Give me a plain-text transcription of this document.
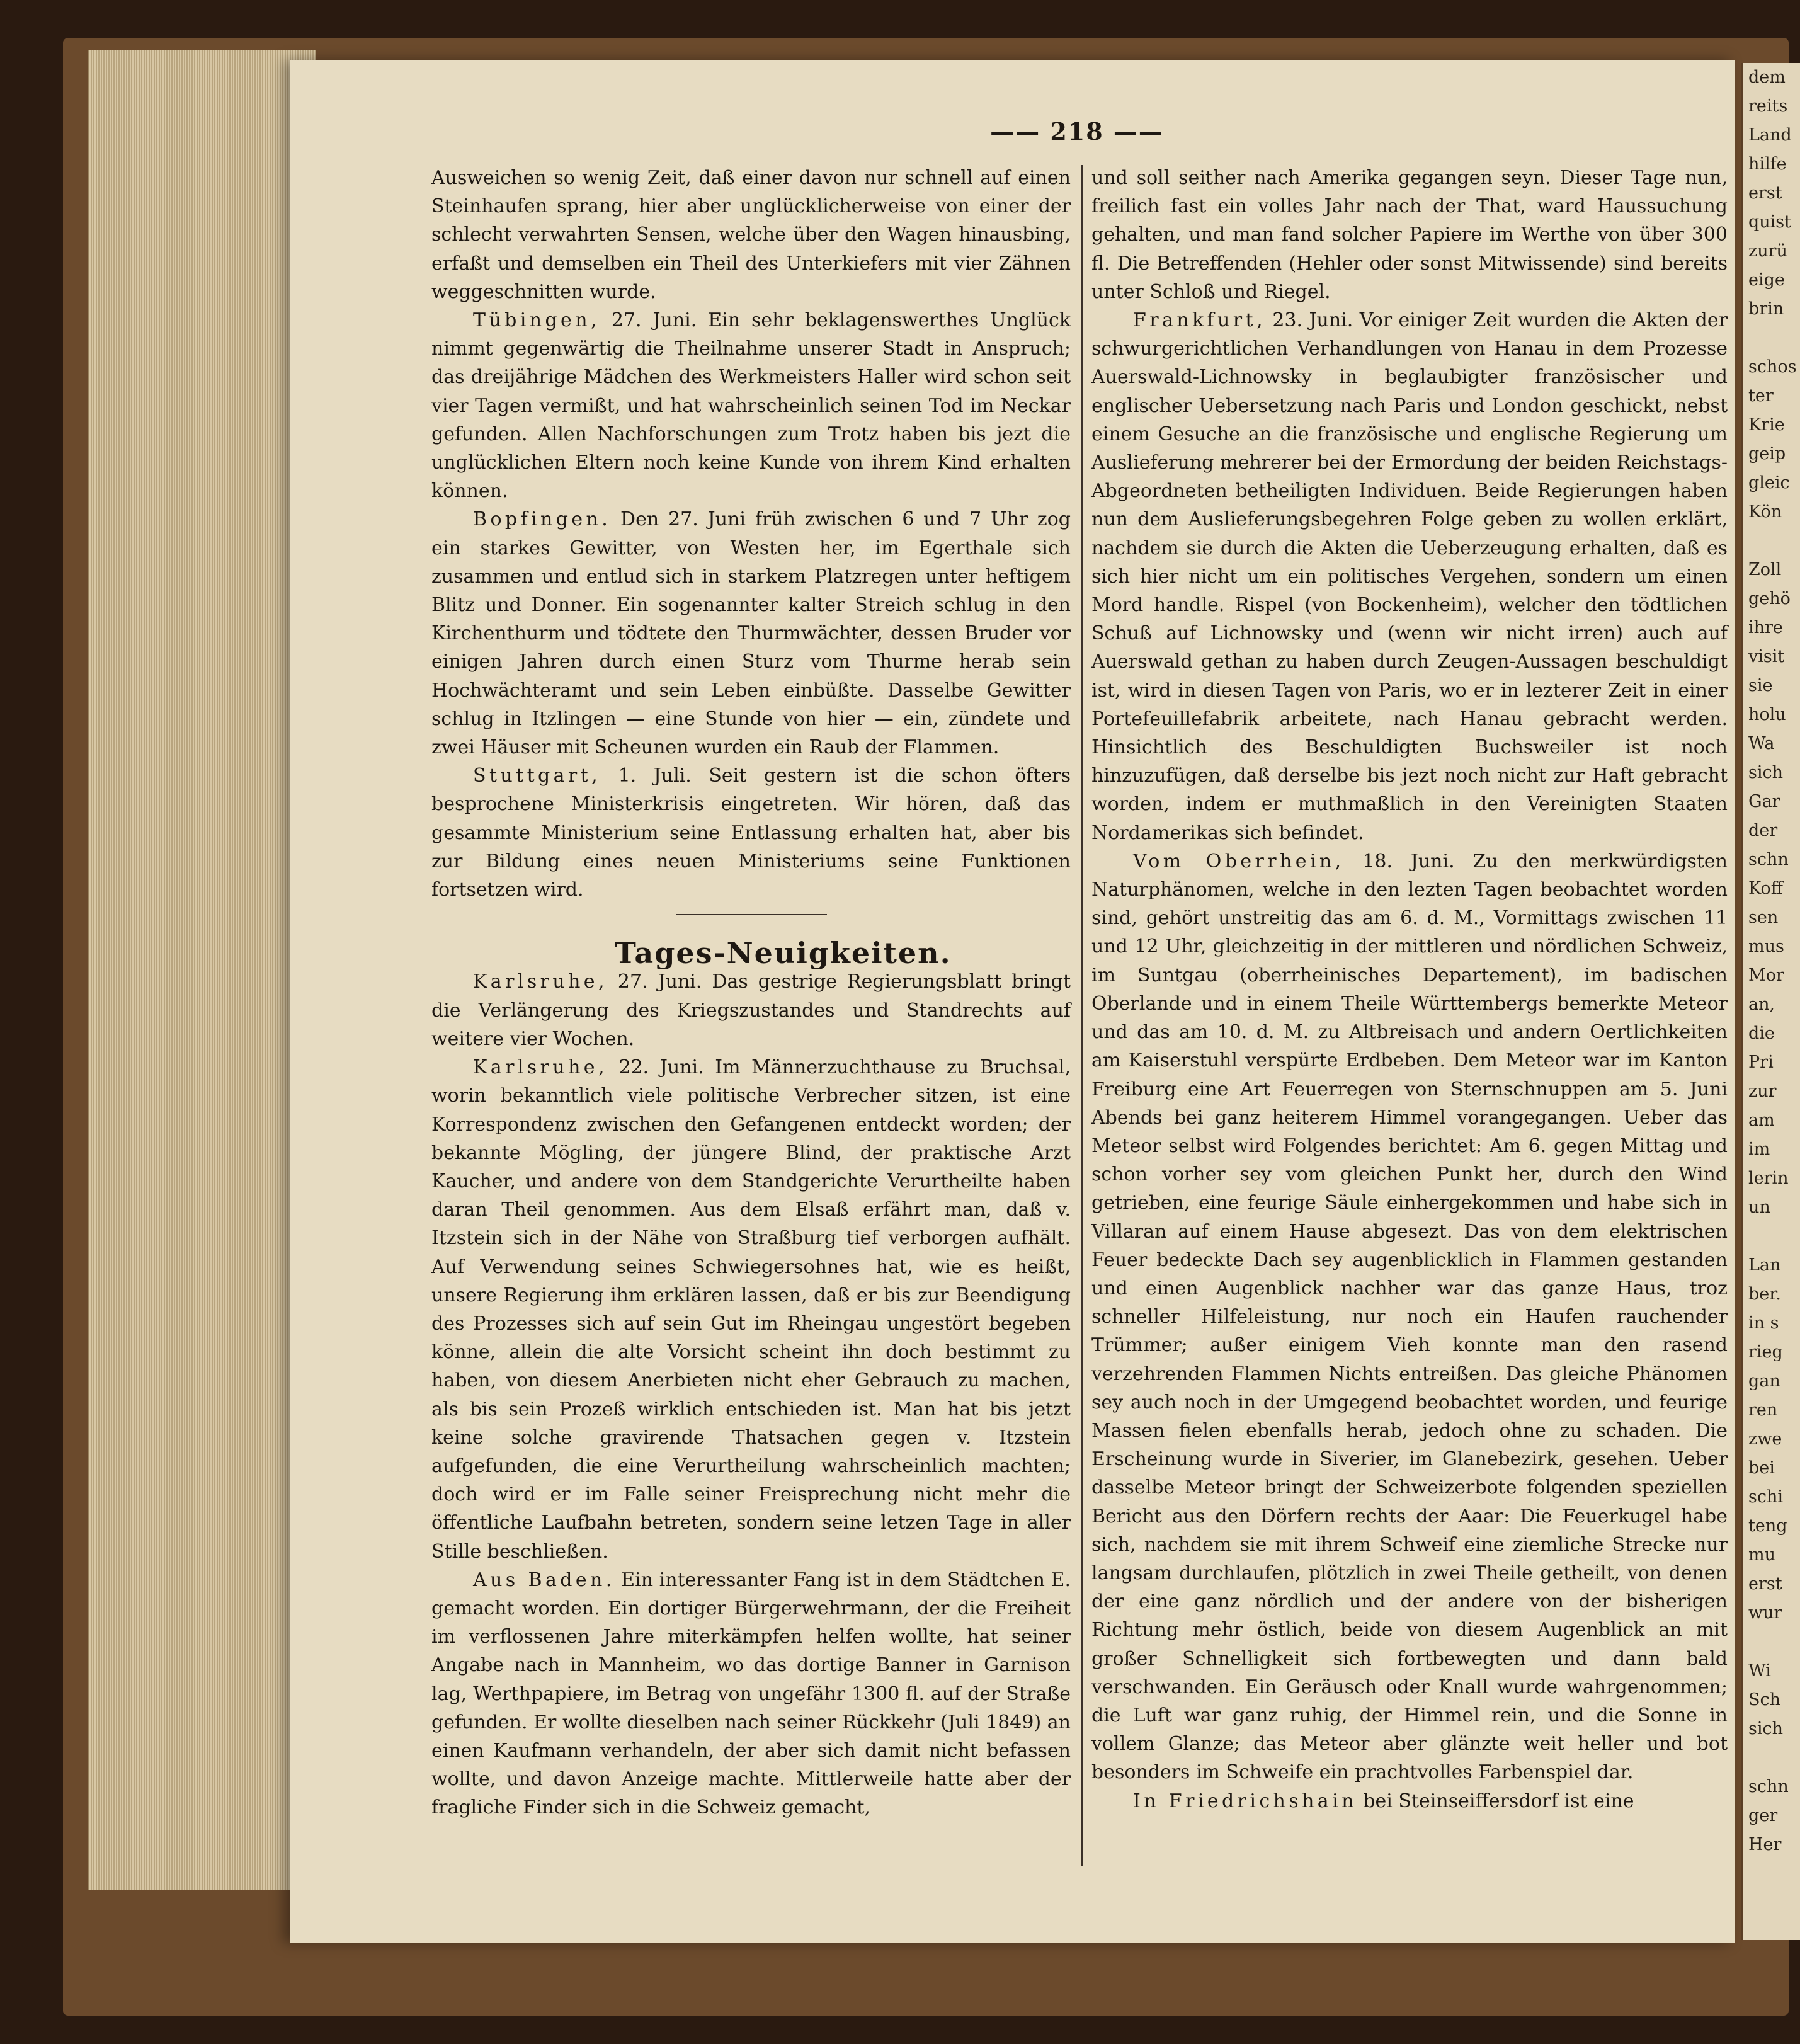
—— 218 ——

Ausweichen so wenig Zeit, daß einer davon nur schnell auf einen Steinhaufen sprang, hier aber unglücklicherweise von einer der schlecht verwahrten Sensen, welche über den Wagen hinausbing, erfaßt und demselben ein Theil des Unterkiefers mit vier Zähnen weggeschnitten wurde.

Tübingen, 27. Juni. Ein sehr beklagenswerthes Unglück nimmt gegenwärtig die Theilnahme unserer Stadt in Anspruch; das dreijährige Mädchen des Werkmeisters Haller wird schon seit vier Tagen vermißt, und hat wahrscheinlich seinen Tod im Neckar gefunden. Allen Nachforschungen zum Trotz haben bis jezt die unglücklichen Eltern noch keine Kunde von ihrem Kind erhalten können.

Bopfingen. Den 27. Juni früh zwischen 6 und 7 Uhr zog ein starkes Gewitter, von Westen her, im Egerthale sich zusammen und entlud sich in starkem Platzregen unter heftigem Blitz und Donner. Ein sogenannter kalter Streich schlug in den Kirchenthurm und tödtete den Thurmwächter, dessen Bruder vor einigen Jahren durch einen Sturz vom Thurme herab sein Hochwächteramt und sein Leben einbüßte. Dasselbe Gewitter schlug in Itzlingen — eine Stunde von hier — ein, zündete und zwei Häuser mit Scheunen wurden ein Raub der Flammen.

Stuttgart, 1. Juli. Seit gestern ist die schon öfters besprochene Ministerkrisis eingetreten. Wir hören, daß das gesammte Ministerium seine Entlassung erhalten hat, aber bis zur Bildung eines neuen Ministeriums seine Funktionen fortsetzen wird.

Tages-Neuigkeiten.

Karlsruhe, 27. Juni. Das gestrige Regierungsblatt bringt die Verlängerung des Kriegszustandes und Standrechts auf weitere vier Wochen.

Karlsruhe, 22. Juni. Im Männerzuchthause zu Bruchsal, worin bekanntlich viele politische Verbrecher sitzen, ist eine Korrespondenz zwischen den Gefangenen entdeckt worden; der bekannte Mögling, der jüngere Blind, der praktische Arzt Kaucher, und andere von dem Standgerichte Verurtheilte haben daran Theil genommen. Aus dem Elsaß erfährt man, daß v. Itzstein sich in der Nähe von Straßburg tief verborgen aufhält. Auf Verwendung seines Schwiegersohnes hat, wie es heißt, unsere Regierung ihm erklären lassen, daß er bis zur Beendigung des Prozesses sich auf sein Gut im Rheingau ungestört begeben könne, allein die alte Vorsicht scheint ihn doch bestimmt zu haben, von diesem Anerbieten nicht eher Gebrauch zu machen, als bis sein Prozeß wirklich entschieden ist. Man hat bis jetzt keine solche gravirende Thatsachen gegen v. Itzstein aufgefunden, die eine Verurtheilung wahrscheinlich machten; doch wird er im Falle seiner Freisprechung nicht mehr die öffentliche Laufbahn betreten, sondern seine letzen Tage in aller Stille beschließen.

Aus Baden. Ein interessanter Fang ist in dem Städtchen E. gemacht worden. Ein dortiger Bürgerwehrmann, der die Freiheit im verflossenen Jahre miterkämpfen helfen wollte, hat seiner Angabe nach in Mannheim, wo das dortige Banner in Garnison lag, Werthpapiere, im Betrag von ungefähr 1300 fl. auf der Straße gefunden. Er wollte dieselben nach seiner Rückkehr (Juli 1849) an einen Kaufmann verhandeln, der aber sich damit nicht befassen wollte, und davon Anzeige machte. Mittlerweile hatte aber der fragliche Finder sich in die Schweiz gemacht,

und soll seither nach Amerika gegangen seyn. Dieser Tage nun, freilich fast ein volles Jahr nach der That, ward Haussuchung gehalten, und man fand solcher Papiere im Werthe von über 300 fl. Die Betreffenden (Hehler oder sonst Mitwissende) sind bereits unter Schloß und Riegel.

Frankfurt, 23. Juni. Vor einiger Zeit wurden die Akten der schwurgerichtlichen Verhandlungen von Hanau in dem Prozesse Auerswald-Lichnowsky in beglaubigter französischer und englischer Uebersetzung nach Paris und London geschickt, nebst einem Gesuche an die französische und englische Regierung um Auslieferung mehrerer bei der Ermordung der beiden Reichstags-Abgeordneten betheiligten Individuen. Beide Regierungen haben nun dem Auslieferungsbegehren Folge geben zu wollen erklärt, nachdem sie durch die Akten die Ueberzeugung erhalten, daß es sich hier nicht um ein politisches Vergehen, sondern um einen Mord handle. Rispel (von Bockenheim), welcher den tödtlichen Schuß auf Lichnowsky und (wenn wir nicht irren) auch auf Auerswald gethan zu haben durch Zeugen-Aussagen beschuldigt ist, wird in diesen Tagen von Paris, wo er in lezterer Zeit in einer Portefeuillefabrik arbeitete, nach Hanau gebracht werden. Hinsichtlich des Beschuldigten Buchsweiler ist noch hinzuzufügen, daß derselbe bis jezt noch nicht zur Haft gebracht worden, indem er muthmaßlich in den Vereinigten Staaten Nordamerikas sich befindet.

Vom Oberrhein, 18. Juni. Zu den merkwürdigsten Naturphänomen, welche in den lezten Tagen beobachtet worden sind, gehört unstreitig das am 6. d. M., Vormittags zwischen 11 und 12 Uhr, gleichzeitig in der mittleren und nördlichen Schweiz, im Suntgau (oberrheinisches Departement), im badischen Oberlande und in einem Theile Württembergs bemerkte Meteor und das am 10. d. M. zu Altbreisach und andern Oertlichkeiten am Kaiserstuhl verspürte Erdbeben. Dem Meteor war im Kanton Freiburg eine Art Feuerregen von Sternschnuppen am 5. Juni Abends bei ganz heiterem Himmel vorangegangen. Ueber das Meteor selbst wird Folgendes berichtet: Am 6. gegen Mittag und schon vorher sey vom gleichen Punkt her, durch den Wind getrieben, eine feurige Säule einhergekommen und habe sich in Villaran auf einem Hause abgesezt. Das von dem elektrischen Feuer bedeckte Dach sey augenblicklich in Flammen gestanden und einen Augenblick nachher war das ganze Haus, troz schneller Hilfeleistung, nur noch ein Haufen rauchender Trümmer; außer einigem Vieh konnte man den rasend verzehrenden Flammen Nichts entreißen. Das gleiche Phänomen sey auch noch in der Umgegend beobachtet worden, und feurige Massen fielen ebenfalls herab, jedoch ohne zu schaden. Die Erscheinung wurde in Siverier, im Glanebezirk, gesehen. Ueber dasselbe Meteor bringt der Schweizerbote folgenden speziellen Bericht aus den Dörfern rechts der Aaar: Die Feuerkugel habe sich, nachdem sie mit ihrem Schweif eine ziemliche Strecke nur langsam durchlaufen, plötzlich in zwei Theile getheilt, von denen der eine ganz nördlich und der andere von der bisherigen Richtung mehr östlich, beide von diesem Augenblick an mit großer Schnelligkeit sich fortbewegten und dann bald verschwanden. Ein Geräusch oder Knall wurde wahrgenommen; die Luft war ganz ruhig, der Himmel rein, und die Sonne in vollem Glanze; das Meteor aber glänzte weit heller und bot besonders im Schweife ein prachtvolles Farbenspiel dar.

In Friedrichshain bei Steinseiffersdorf ist eine

dem
reits
Land
hilfe
erst
quist
zurü
eige
brin

schos
ter
Krie
geip
gleic
Kön

Zoll
gehö
ihre
visit
sie
holu
Wa
sich
Gar
der
schn
Koff
sen
mus
Mor
an,
die
Pri
zur
am
im
lerin
un

Lan
ber.
in s
rieg
gan
ren
zwe
bei
schi
teng
mu
erst
wur

Wi
Sch
sich

schn
ger
Her
